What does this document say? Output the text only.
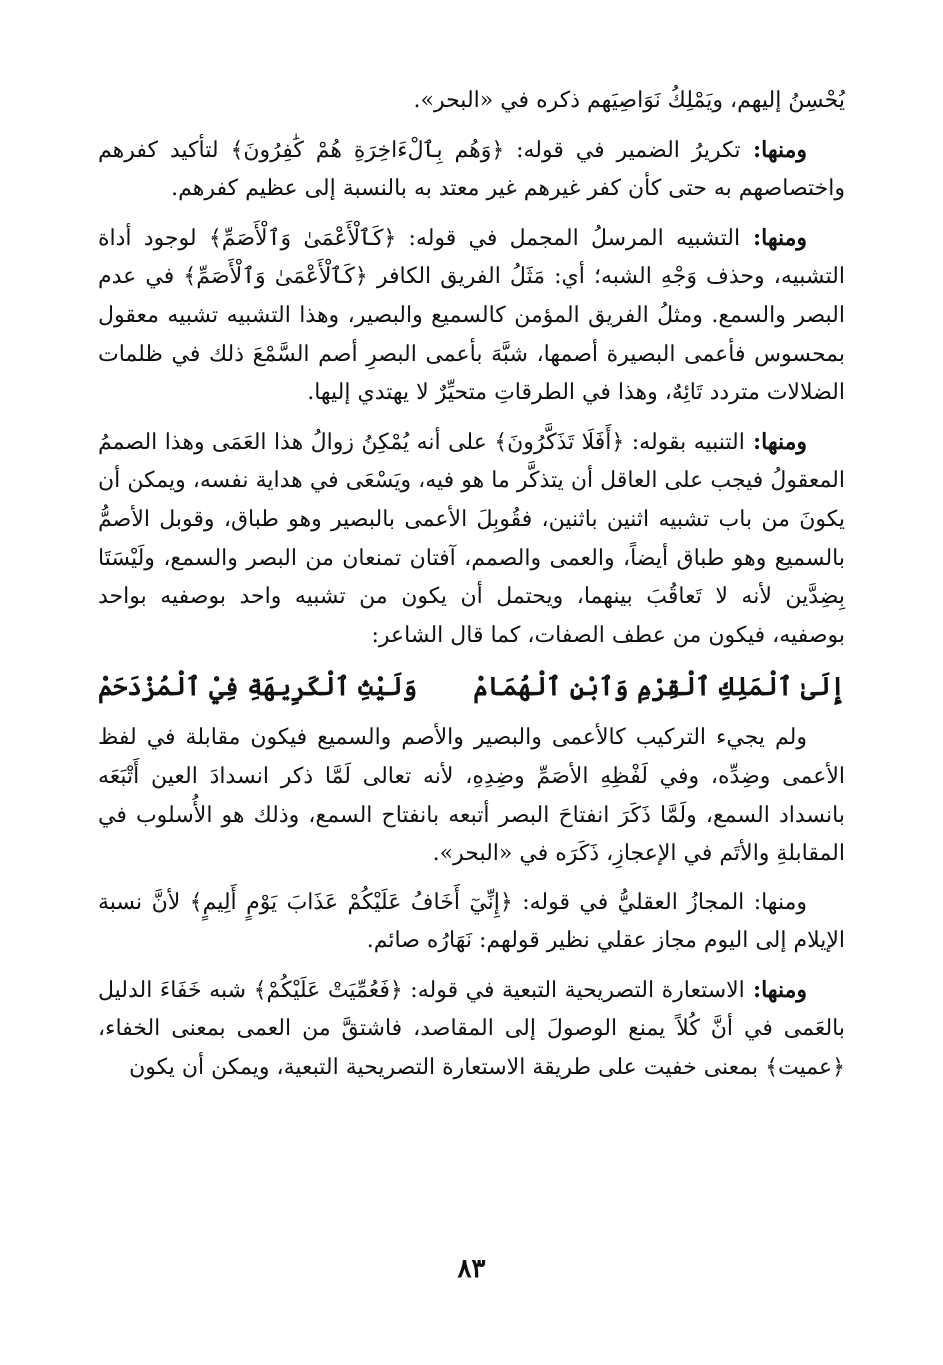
يُحْسِنُ إليهم، ويَمْلِكُ نَوَاصِيَهم ذكره في «البحر».

ومنها: تكريرُ الضمير في قوله: ﴿وَهُم بِٱلْءَاخِرَةِ هُمْ كَٰفِرُونَ﴾ لتأكيد كفرهم واختصاصهم به حتى كأن كفر غيرهم غير معتد به بالنسبة إلى عظيم كفرهم.

ومنها: التشبيه المرسلُ المجمل في قوله: ﴿كَٱلْأَعْمَىٰ وَٱلْأَصَمِّ﴾ لوجود أداة التشبيه، وحذف وَجْهِ الشبه؛ أي: مَثَلُ الفريق الكافر ﴿كَٱلْأَعْمَىٰ وَٱلْأَصَمِّ﴾ في عدم البصر والسمع. ومثلُ الفريق المؤمن كالسميع والبصير، وهذا التشبيه تشبيه معقول بمحسوس فأعمى البصيرة أصمها، شبَّهَ بأعمى البصرِ أصم السَّمْعَ ذلك في ظلمات الضلالات متردد تَائِهٌ، وهذا في الطرقاتِ متحيِّرٌ لا يهتدي إليها.

ومنها: التنبيه بقوله: ﴿أَفَلَا تَذَكَّرُونَ﴾ على أنه يُمْكِنُ زوالُ هذا العَمَى وهذا الصممُ المعقولُ فيجب على العاقل أن يتذكَّر ما هو فيه، ويَسْعَى في هداية نفسه، ويمكن أن يكونَ من باب تشبيه اثنين باثنين، فقُوبِلَ الأعمى بالبصير وهو طباق، وقوبل الأصمُّ بالسميع وهو طباق أيضاً، والعمى والصمم، آفتان تمنعان من البصر والسمع، ولَيْسَتَا بِضِدَّين لأنه لا تَعاقُبَ بينهما، ويحتمل أن يكون من تشبيه واحد بوصفيه بواحد بوصفيه، فيكون من عطف الصفات، كما قال الشاعر:

إِلَىٰ ٱلْمَلِكِ ٱلْقِرْمِ وَٱبْنِ ٱلْهُمَامْ
وَلَيْثِ ٱلْكَرِيهَةِ فِيْ ٱلْمُزْدَحَمْ

ولم يجيء التركيب كالأعمى والبصير والأصم والسميع فيكون مقابلة في لفظ الأعمى وضِدِّه، وفي لَفْظِهِ الأصَمِّ وضِدِهِ، لأنه تعالى لَمَّا ذكر انسدادَ العين أَتْبَعَه بانسداد السمع، ولَمَّا ذَكَرَ انفتاحَ البصر أتبعه بانفتاح السمع، وذلك هو الأُسلوب في المقابلةِ والأتَم في الإعجازِ، ذَكَرَه في «البحر».

ومنها: المجازُ العقليُّ في قوله: ﴿إِنِّيٓ أَخَافُ عَلَيْكُمْ عَذَابَ يَوْمٍ أَلِيمٍ﴾ لأنَّ نسبة الإيلام إلى اليوم مجاز عقلي نظير قولهم: نَهَارُه صائم.

ومنها: الاستعارة التصريحية التبعية في قوله: ﴿فَعُمِّيَتْ عَلَيْكُمْ﴾ شبه خَفَاءَ الدليل بالعَمى في أنَّ كُلاً يمنع الوصولَ إلى المقاصد، فاشتقَّ من العمى بمعنى الخفاء، ﴿عميت﴾ بمعنى خفيت على طريقة الاستعارة التصريحية التبعية، ويمكن أن يكون

٨٣
